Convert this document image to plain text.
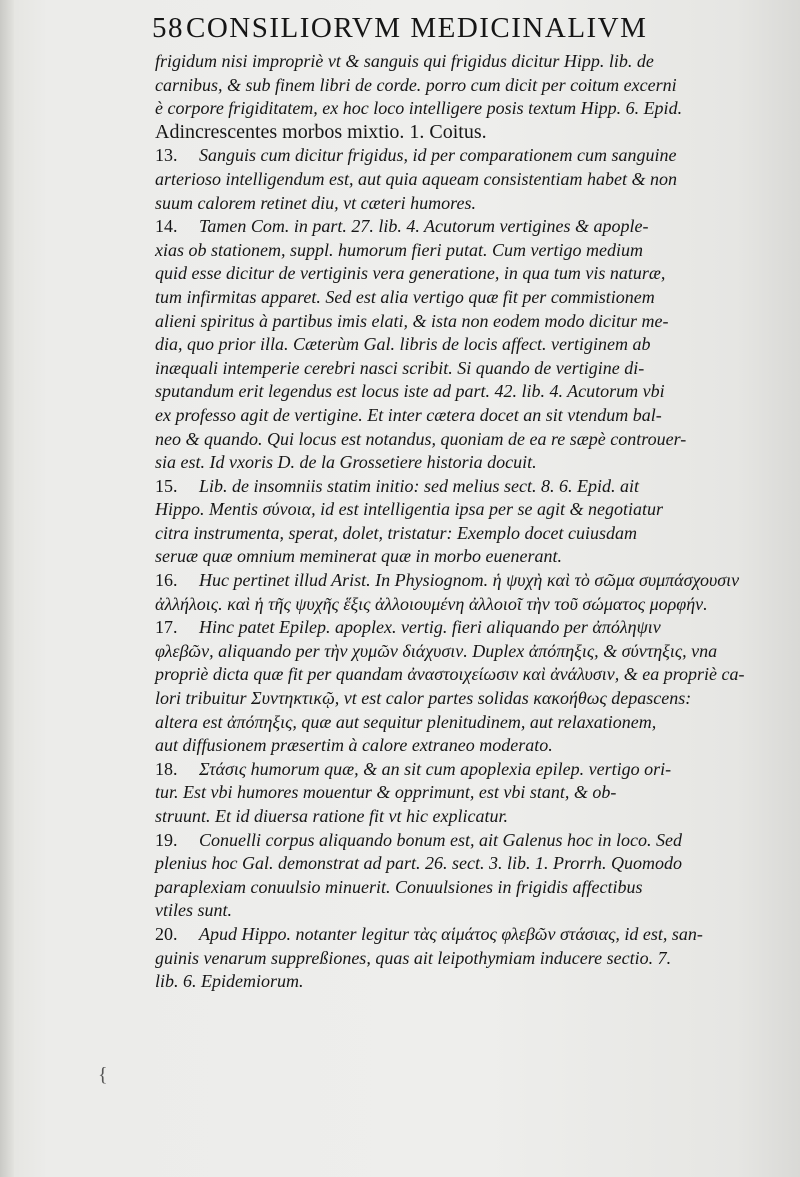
58CONSILIORVM MEDICINALIVM

frigidum nisi impropriè vt & sanguis qui frigidus dicitur Hipp. lib. de

carnibus, & sub finem libri de corde. porro cum dicit per coitum excerni

è corpore frigiditatem, ex hoc loco intelligere posis textum Hipp. 6. Epid.

Adincrescentes morbos mixtio. 1. Coitus.

13. Sanguis cum dicitur frigidus, id per comparationem cum sanguine

arterioso intelligendum est, aut quia aqueam consistentiam habet & non

suum calorem retinet diu, vt cæteri humores.

14. Tamen Com. in part. 27. lib. 4. Acutorum vertigines & apople-

xias ob stationem, suppl. humorum fieri putat. Cum vertigo medium

quid esse dicitur de vertiginis vera generatione, in qua tum vis naturæ,

tum infirmitas apparet. Sed est alia vertigo quæ fit per commistionem

alieni spiritus à partibus imis elati, & ista non eodem modo dicitur me-

dia, quo prior illa. Cæterùm Gal. libris de locis affect. vertiginem ab

inæquali intemperie cerebri nasci scribit. Si quando de vertigine di-

sputandum erit legendus est locus iste ad part. 42. lib. 4. Acutorum vbi

ex professo agit de vertigine. Et inter cætera docet an sit vtendum bal-

neo & quando. Qui locus est notandus, quoniam de ea re sæpè controuer-

sia est. Id vxoris D. de la Grossetiere historia docuit.

15. Lib. de insomniis statim initio: sed melius sect. 8. 6. Epid. ait

Hippo. Mentis σύνοια, id est intelligentia ipsa per se agit & negotiatur

citra instrumenta, sperat, dolet, tristatur: Exemplo docet cuiusdam

seruæ quæ omnium meminerat quæ in morbo euenerant.

16. Huc pertinet illud Arist. In Physiognom. ἡ ψυχὴ καὶ τὸ σῶμα συμπάσχουσιν

ἀλλήλοις. καὶ ἡ τῆς ψυχῆς ἕξις ἀλλοιουμένη ἀλλοιοῖ τὴν τοῦ σώματος μορφήν.

17. Hinc patet Epilep. apoplex. vertig. fieri aliquando per ἀπόληψιν

φλεβῶν, aliquando per τὴν χυμῶν διάχυσιν. Duplex ἀπόπηξις, & σύντηξις, vna

propriè dicta quæ fit per quandam ἀναστοιχείωσιν καὶ ἀνάλυσιν, & ea propriè ca-

lori tribuitur Συντηκτικῷ, vt est calor partes solidas κακοήθως depascens:

altera est ἀπόπηξις, quæ aut sequitur plenitudinem, aut relaxationem,

aut diffusionem præsertim à calore extraneo moderato.

18. Στάσις humorum quæ, & an sit cum apoplexia epilep. vertigo ori-

tur. Est vbi humores mouentur & opprimunt, est vbi stant, & ob-

struunt. Et id diuersa ratione fit vt hic explicatur.

19. Conuelli corpus aliquando bonum est, ait Galenus hoc in loco. Sed

plenius hoc Gal. demonstrat ad part. 26. sect. 3. lib. 1. Prorrh. Quomodo

paraplexiam conuulsio minuerit. Conuulsiones in frigidis affectibus

vtiles sunt.

20. Apud Hippo. notanter legitur τὰς αἱμάτος φλεβῶν στάσιας, id est, san-

guinis venarum suppreßiones, quas ait leipothymiam inducere sectio. 7.

lib. 6. Epidemiorum.

{
